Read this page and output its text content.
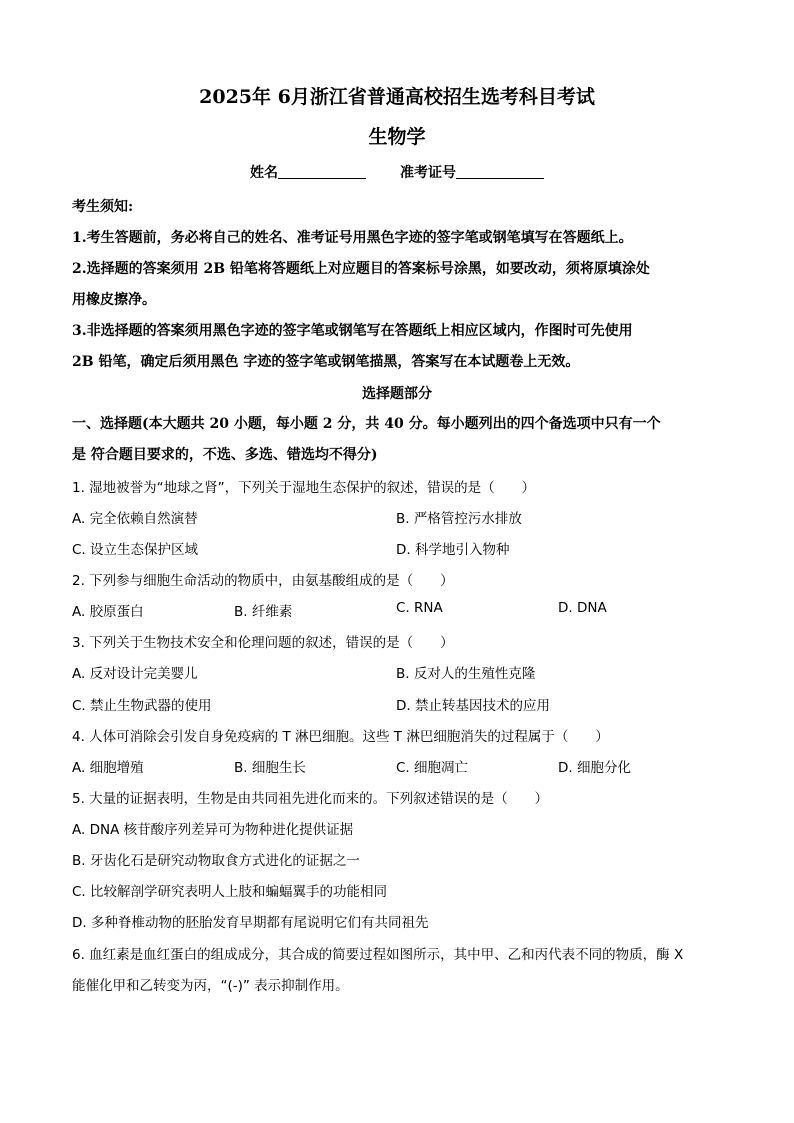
2025年 6月浙江省普通高校招生选考科目考试
生物学
姓名	准考证号
考生须知:
1.考生答题前，务必将自己的姓名、准考证号用黑色字迹的签字笔或钢笔填写在答题纸上。
2.选择题的答案须用 2B 铅笔将答题纸上对应题目的答案标号涂黑，如要改动，须将原填涂处
用橡皮擦净。
3.非选择题的答案须用黑色字迹的签字笔或钢笔写在答题纸上相应区域内，作图时可先使用
2B 铅笔，确定后须用黑色 字迹的签字笔或钢笔描黑，答案写在本试题卷上无效。
选择题部分
一、选择题(本大题共 20 小题，每小题 2 分，共 40 分。每小题列出的四个备选项中只有一个
是 符合题目要求的，不选、多选、错选均不得分)
1. 湿地被誉为“地球之肾”，下列关于湿地生态保护的叙述，错误的是（　　）
A. 完全依赖自然演替	B. 严格管控污水排放
C. 设立生态保护区域	D. 科学地引入物种
2. 下列参与细胞生命活动的物质中，由氨基酸组成的是（　　）
A. 胶原蛋白	B. 纤维素	C. RNA	D. DNA
3. 下列关于生物技术安全和伦理问题的叙述，错误的是（　　）
A. 反对设计完美婴儿	B. 反对人的生殖性克隆
C. 禁止生物武器的使用	D. 禁止转基因技术的应用
4. 人体可消除会引发自身免疫病的 T 淋巴细胞。这些 T 淋巴细胞消失的过程属于（　　）
A. 细胞增殖	B. 细胞生长	C. 细胞凋亡	D. 细胞分化
5. 大量的证据表明，生物是由共同祖先进化而来的。下列叙述错误的是（　　）
A. DNA 核苷酸序列差异可为物种进化提供证据
B. 牙齿化石是研究动物取食方式进化的证据之一
C. 比较解剖学研究表明人上肢和蝙蝠翼手的功能相同
D. 多种脊椎动物的胚胎发育早期都有尾说明它们有共同祖先
6. 血红素是血红蛋白的组成成分，其合成的简要过程如图所示，其中甲、乙和丙代表不同的物质，酶 X
能催化甲和乙转变为丙，“(-)” 表示抑制作用。
